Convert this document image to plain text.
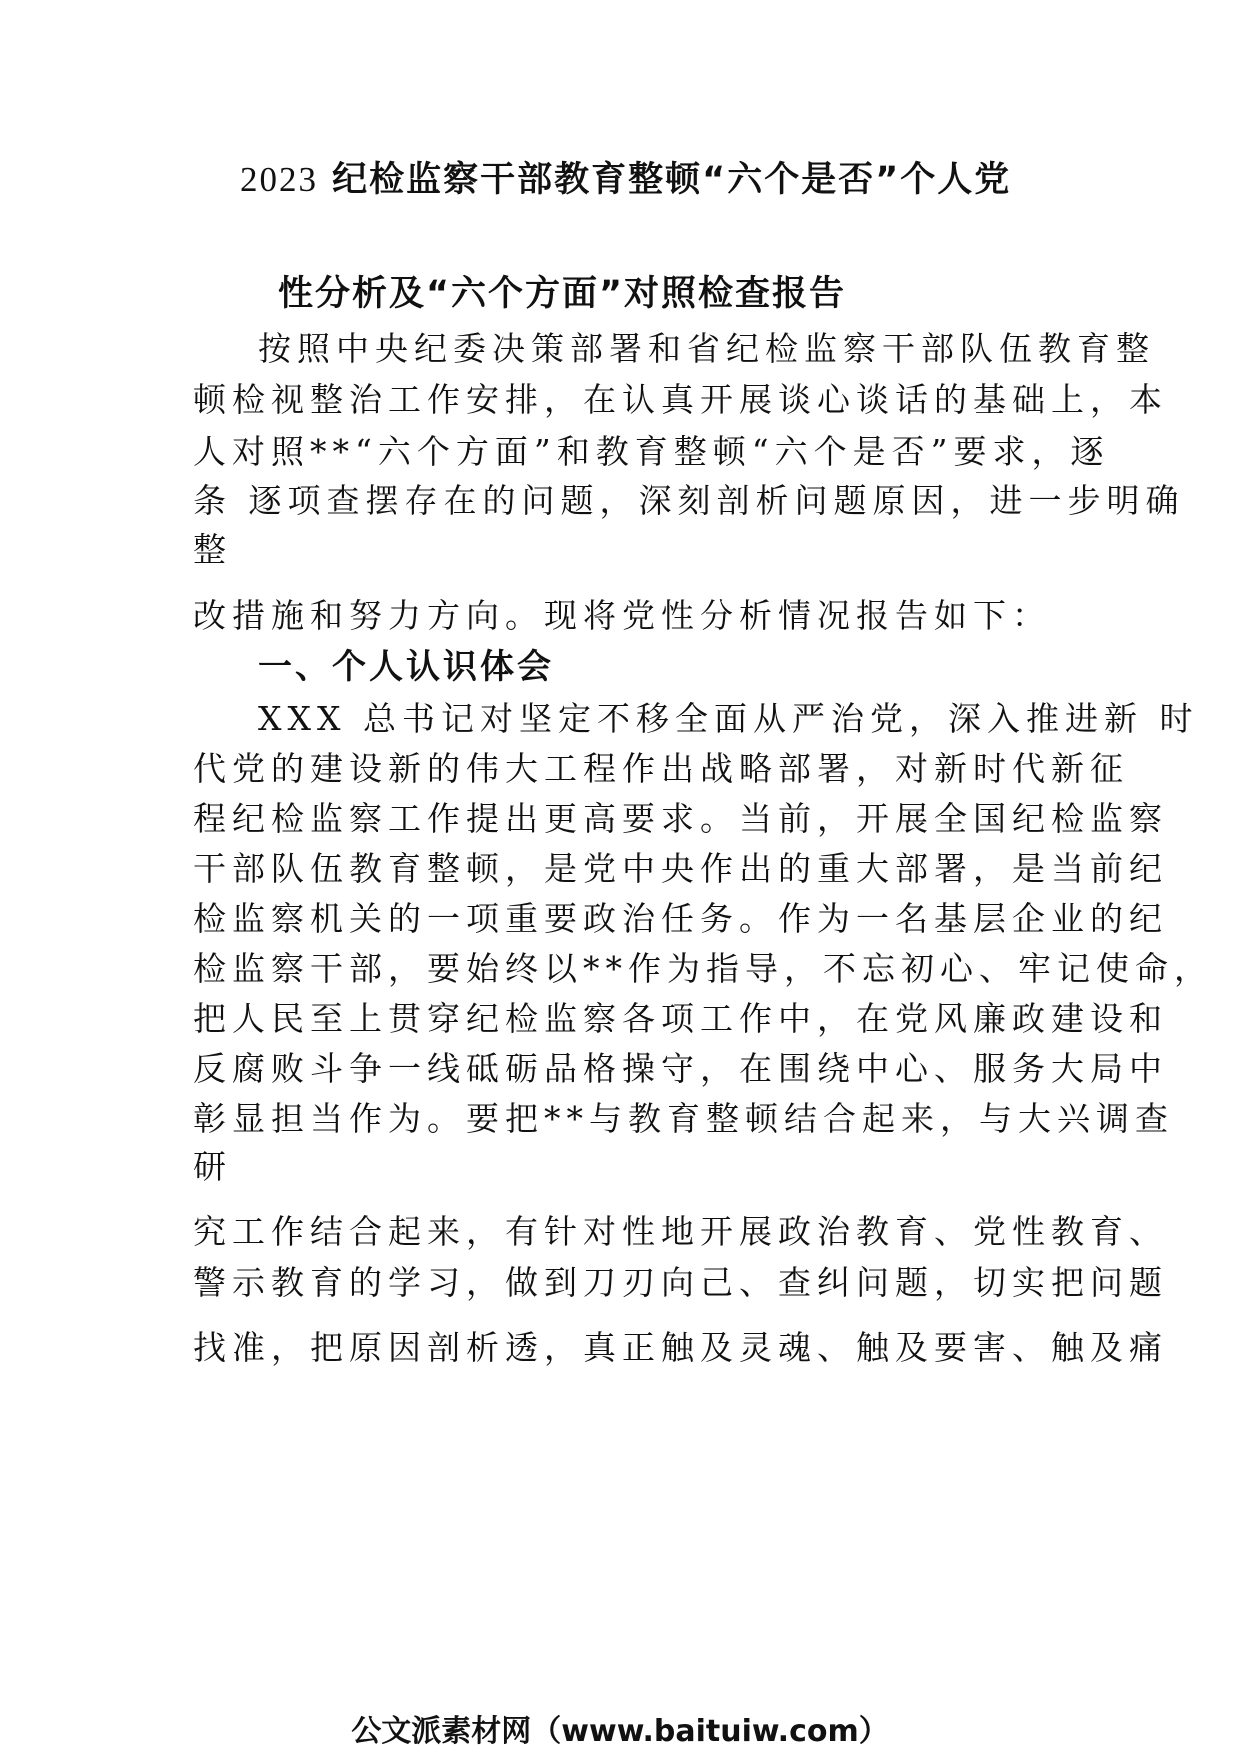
2023 纪检监察干部教育整顿“六个是否”个人党
性分析及“六个方面”对照检查报告
按照中央纪委决策部署和省纪检监察干部队伍教育整
顿检视整治工作安排，在认真开展谈心谈话的基础上，本
人对照**“六个方面”和教育整顿“六个是否”要求，逐
条 逐项查摆存在的问题，深刻剖析问题原因，进一步明确
整
改措施和努力方向。现将党性分析情况报告如下：
一、个人认识体会
XXX 总书记对坚定不移全面从严治党，深入推进新 时
代党的建设新的伟大工程作出战略部署，对新时代新征
程纪检监察工作提出更高要求。当前，开展全国纪检监察
干部队伍教育整顿，是党中央作出的重大部署，是当前纪
检监察机关的一项重要政治任务。作为一名基层企业的纪
检监察干部，要始终以**作为指导，不忘初心、牢记使命，
把人民至上贯穿纪检监察各项工作中，在党风廉政建设和
反腐败斗争一线砥砺品格操守，在围绕中心、服务大局中
彰显担当作为。要把**与教育整顿结合起来，与大兴调查
研
究工作结合起来，有针对性地开展政治教育、党性教育、
警示教育的学习，做到刀刃向己、查纠问题，切实把问题
找准，把原因剖析透，真正触及灵魂、触及要害、触及痛
公文派素材网（www.baituiw.com）
